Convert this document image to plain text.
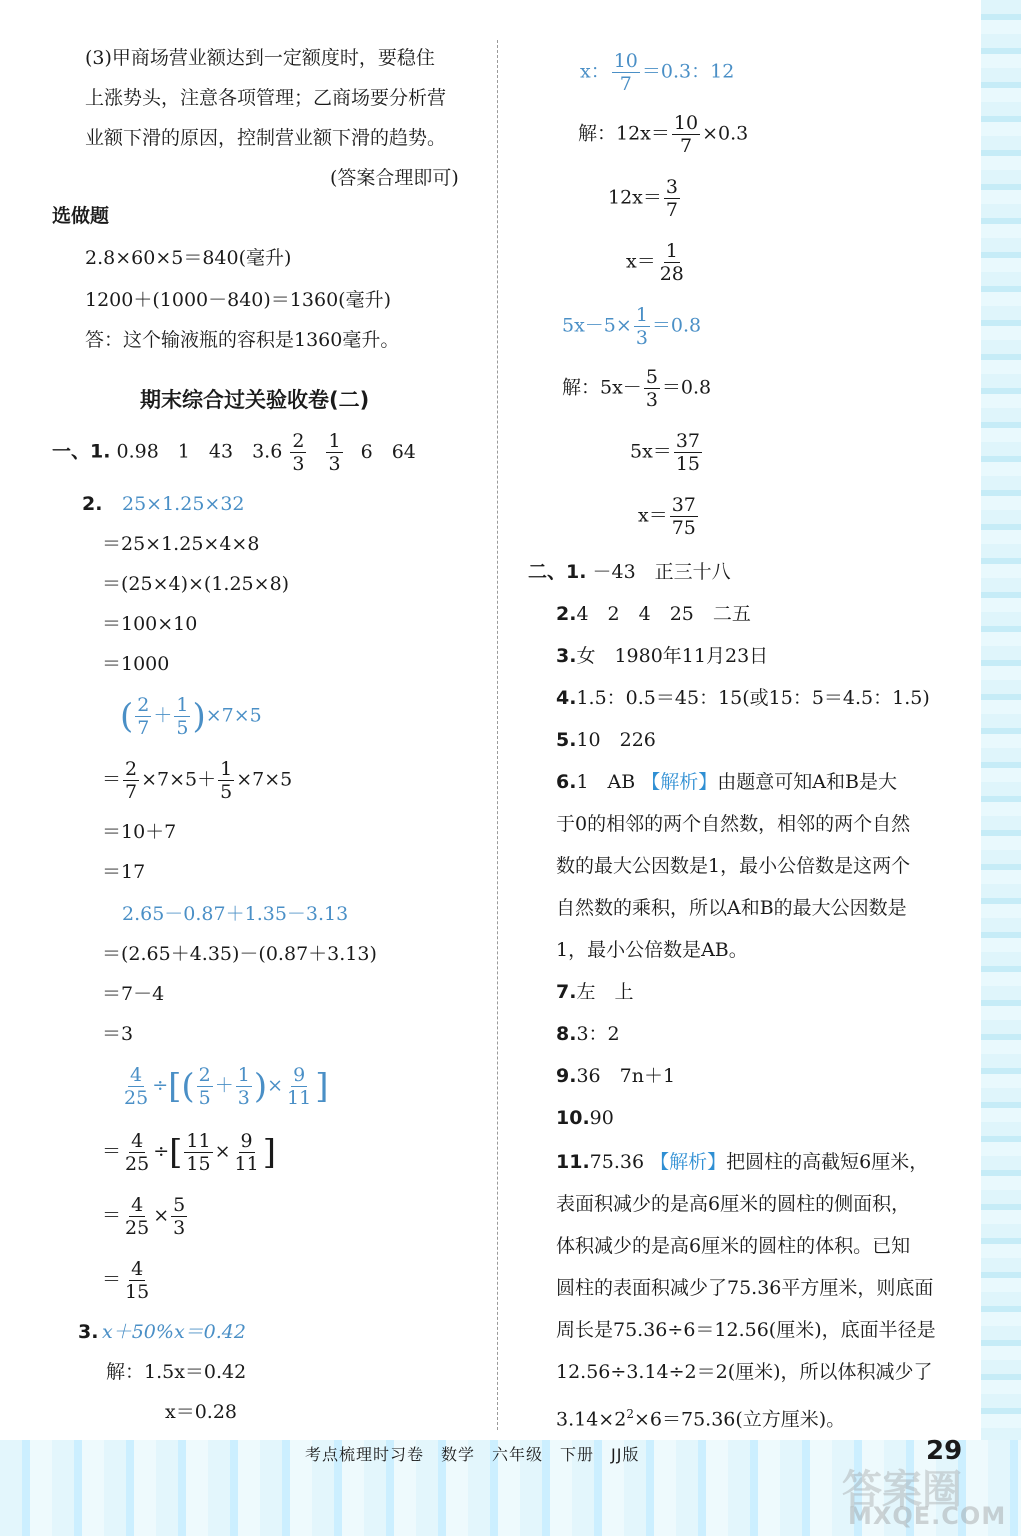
(3)甲商场营业额达到一定额度时，要稳住
上涨势头，注意各项管理；乙商场要分析营
业额下滑的原因，控制营业额下滑的趋势。
(答案合理即可)
选做题
2.8×60×5＝840(毫升)
1200＋(1000－840)＝1360(毫升)
答：这个输液瓶的容积是1360毫升。
期末综合过关验收卷(二)
一、1. 0.98　1　43　$3.6 \frac{2}{3}$
$\frac{1}{3} 6$　64
2. 25×1.25×32
＝25×1.25×4×8
＝(25×4)×(1.25×8)
＝100×10
＝1000
( $\frac{2}{7} + \frac{1}{5} )\times 7\times 5$
＝ $\frac{2}{7} \times 7\times 5+ \frac{1}{5} \times 7\times 5$
＝10＋7
＝17
2.65－0.87＋1.35－3.13
＝(2.65＋4.35)－(0.87＋3.13)
＝7－4
＝3
$\frac{4}{25}$ ÷[( $\frac{2}{5} + \frac{1}{3}$ )× $\frac{9}{11}$ ]
＝ $\frac{4}{25}$ ÷[ $\frac{11}{15} \times \frac{9}{11}$ ]
＝ $\frac{4}{25} \times \frac{5}{3}$
＝ $\frac{4}{15}$
3. x＋50%x＝0.42
解：1.5x＝0.42
x＝0.28
x： $\frac{10}{7} =0.3$：12
解：$12x= \frac{10}{7} \times 0.3$
$12x= \frac{3}{7}$
$x= \frac{1}{28}$
$5x-5\times \frac{1}{3} =0.8$
解：$5x- \frac{5}{3} =0.8$
$5x= \frac{37}{15}$
$x= \frac{37}{75}$
二、1. －43　正三十八
2.4　2　4　25　二五
3.女　1980年11月23日
4.1.5：0.5＝45：15(或15：5＝4.5：1.5)
5.10　226
6.1　AB 【解析】由题意可知A和B是大
于0的相邻的两个自然数，相邻的两个自然
数的最大公因数是1，最小公倍数是这两个
自然数的乘积，所以A和B的最大公因数是
1，最小公倍数是AB。
7.左　上
8.3：2
9.36　7n＋1
10.90
11.75.36 【解析】把圆柱的高截短6厘米，
表面积减少的是高6厘米的圆柱的侧面积，
体积减少的是高6厘米的圆柱的体积。已知
圆柱的表面积减少了75.36平方厘米，则底面
周长是75.36÷6＝12.56(厘米)，底面半径是
12.56÷3.14÷2＝2(厘米)，所以体积减少了
$3.14\times 2^2\times 6=75.36$(立方厘米)。
考点梳理时习卷　数学　六年级　下册　JJ版	29
答案圈
MXQE.COM
